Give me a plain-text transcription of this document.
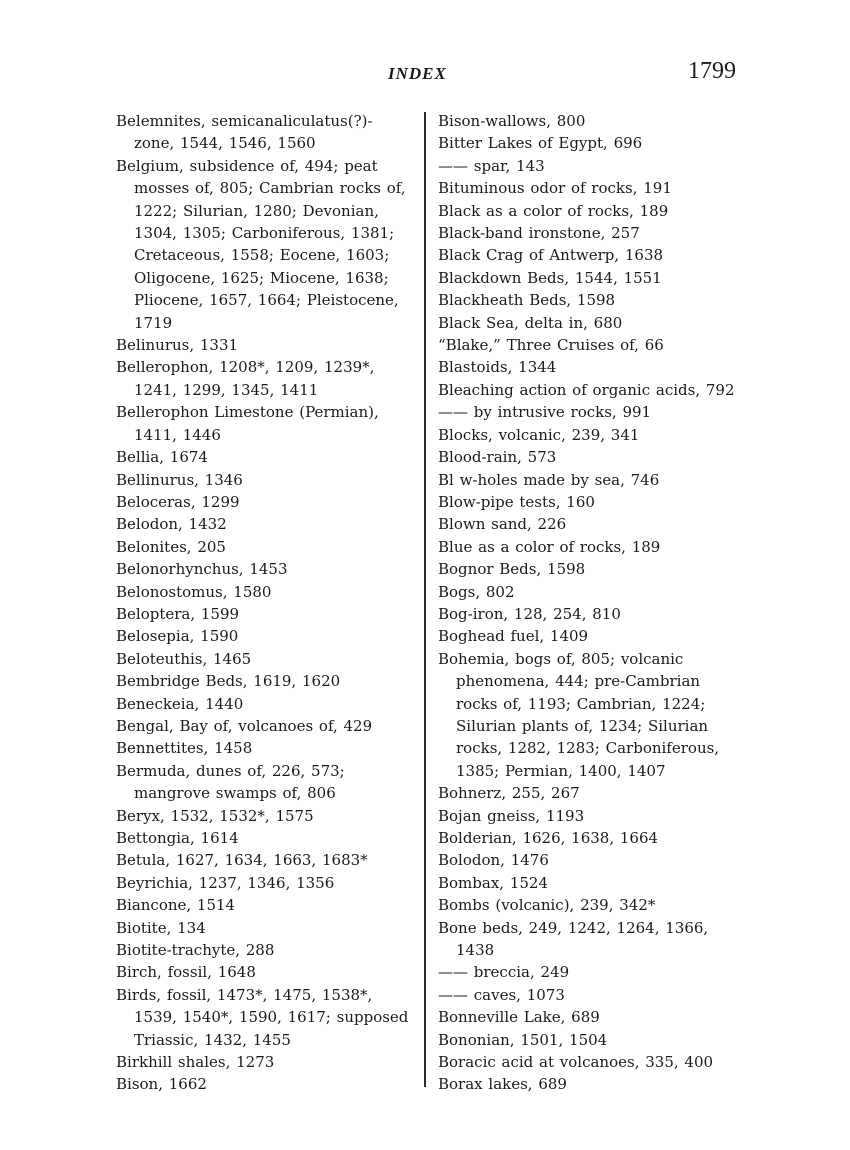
INDEX	1799
Belemnites, semicanaliculatus(?)-zone, 1544, 1546, 1560
Belgium, subsidence of, 494; peat mosses of, 805; Cambrian rocks of, 1222; Silurian, 1280; Devonian, 1304, 1305; Carboniferous, 1381; Cretaceous, 1558; Eocene, 1603; Oligocene, 1625; Miocene, 1638; Pliocene, 1657, 1664; Pleistocene, 1719
Belinurus, 1331
Bellerophon, 1208*, 1209, 1239*, 1241, 1299, 1345, 1411
Bellerophon Limestone (Permian), 1411, 1446
Bellia, 1674
Bellinurus, 1346
Beloceras, 1299
Belodon, 1432
Belonites, 205
Belonorhynchus, 1453
Belonostomus, 1580
Beloptera, 1599
Belosepia, 1590
Beloteuthis, 1465
Bembridge Beds, 1619, 1620
Beneckeia, 1440
Bengal, Bay of, volcanoes of, 429
Bennettites, 1458
Bermuda, dunes of, 226, 573; mangrove swamps of, 806
Beryx, 1532, 1532*, 1575
Bettongia, 1614
Betula, 1627, 1634, 1663, 1683*
Beyrichia, 1237, 1346, 1356
Biancone, 1514
Biotite, 134
Biotite-trachyte, 288
Birch, fossil, 1648
Birds, fossil, 1473*, 1475, 1538*, 1539, 1540*, 1590, 1617; supposed Triassic, 1432, 1455
Birkhill shales, 1273
Bison, 1662
Bison-wallows, 800
Bitter Lakes of Egypt, 696
—— spar, 143
Bituminous odor of rocks, 191
Black as a color of rocks, 189
Black-band ironstone, 257
Black Crag of Antwerp, 1638
Blackdown Beds, 1544, 1551
Blackheath Beds, 1598
Black Sea, delta in, 680
“Blake,” Three Cruises of, 66
Blastoids, 1344
Bleaching action of organic acids, 792
—— by intrusive rocks, 991
Blocks, volcanic, 239, 341
Blood-rain, 573
Bl w-holes made by sea, 746
Blow-pipe tests, 160
Blown sand, 226
Blue as a color of rocks, 189
Bognor Beds, 1598
Bogs, 802
Bog-iron, 128, 254, 810
Boghead fuel, 1409
Bohemia, bogs of, 805; volcanic phenomena, 444; pre-Cambrian rocks of, 1193; Cambrian, 1224; Silurian plants of, 1234; Silurian rocks, 1282, 1283; Carboniferous, 1385; Permian, 1400, 1407
Bohnerz, 255, 267
Bojan gneiss, 1193
Bolderian, 1626, 1638, 1664
Bolodon, 1476
Bombax, 1524
Bombs (volcanic), 239, 342*
Bone beds, 249, 1242, 1264, 1366, 1438
—— breccia, 249
—— caves, 1073
Bonneville Lake, 689
Bononian, 1501, 1504
Boracic acid at volcanoes, 335, 400
Borax lakes, 689
